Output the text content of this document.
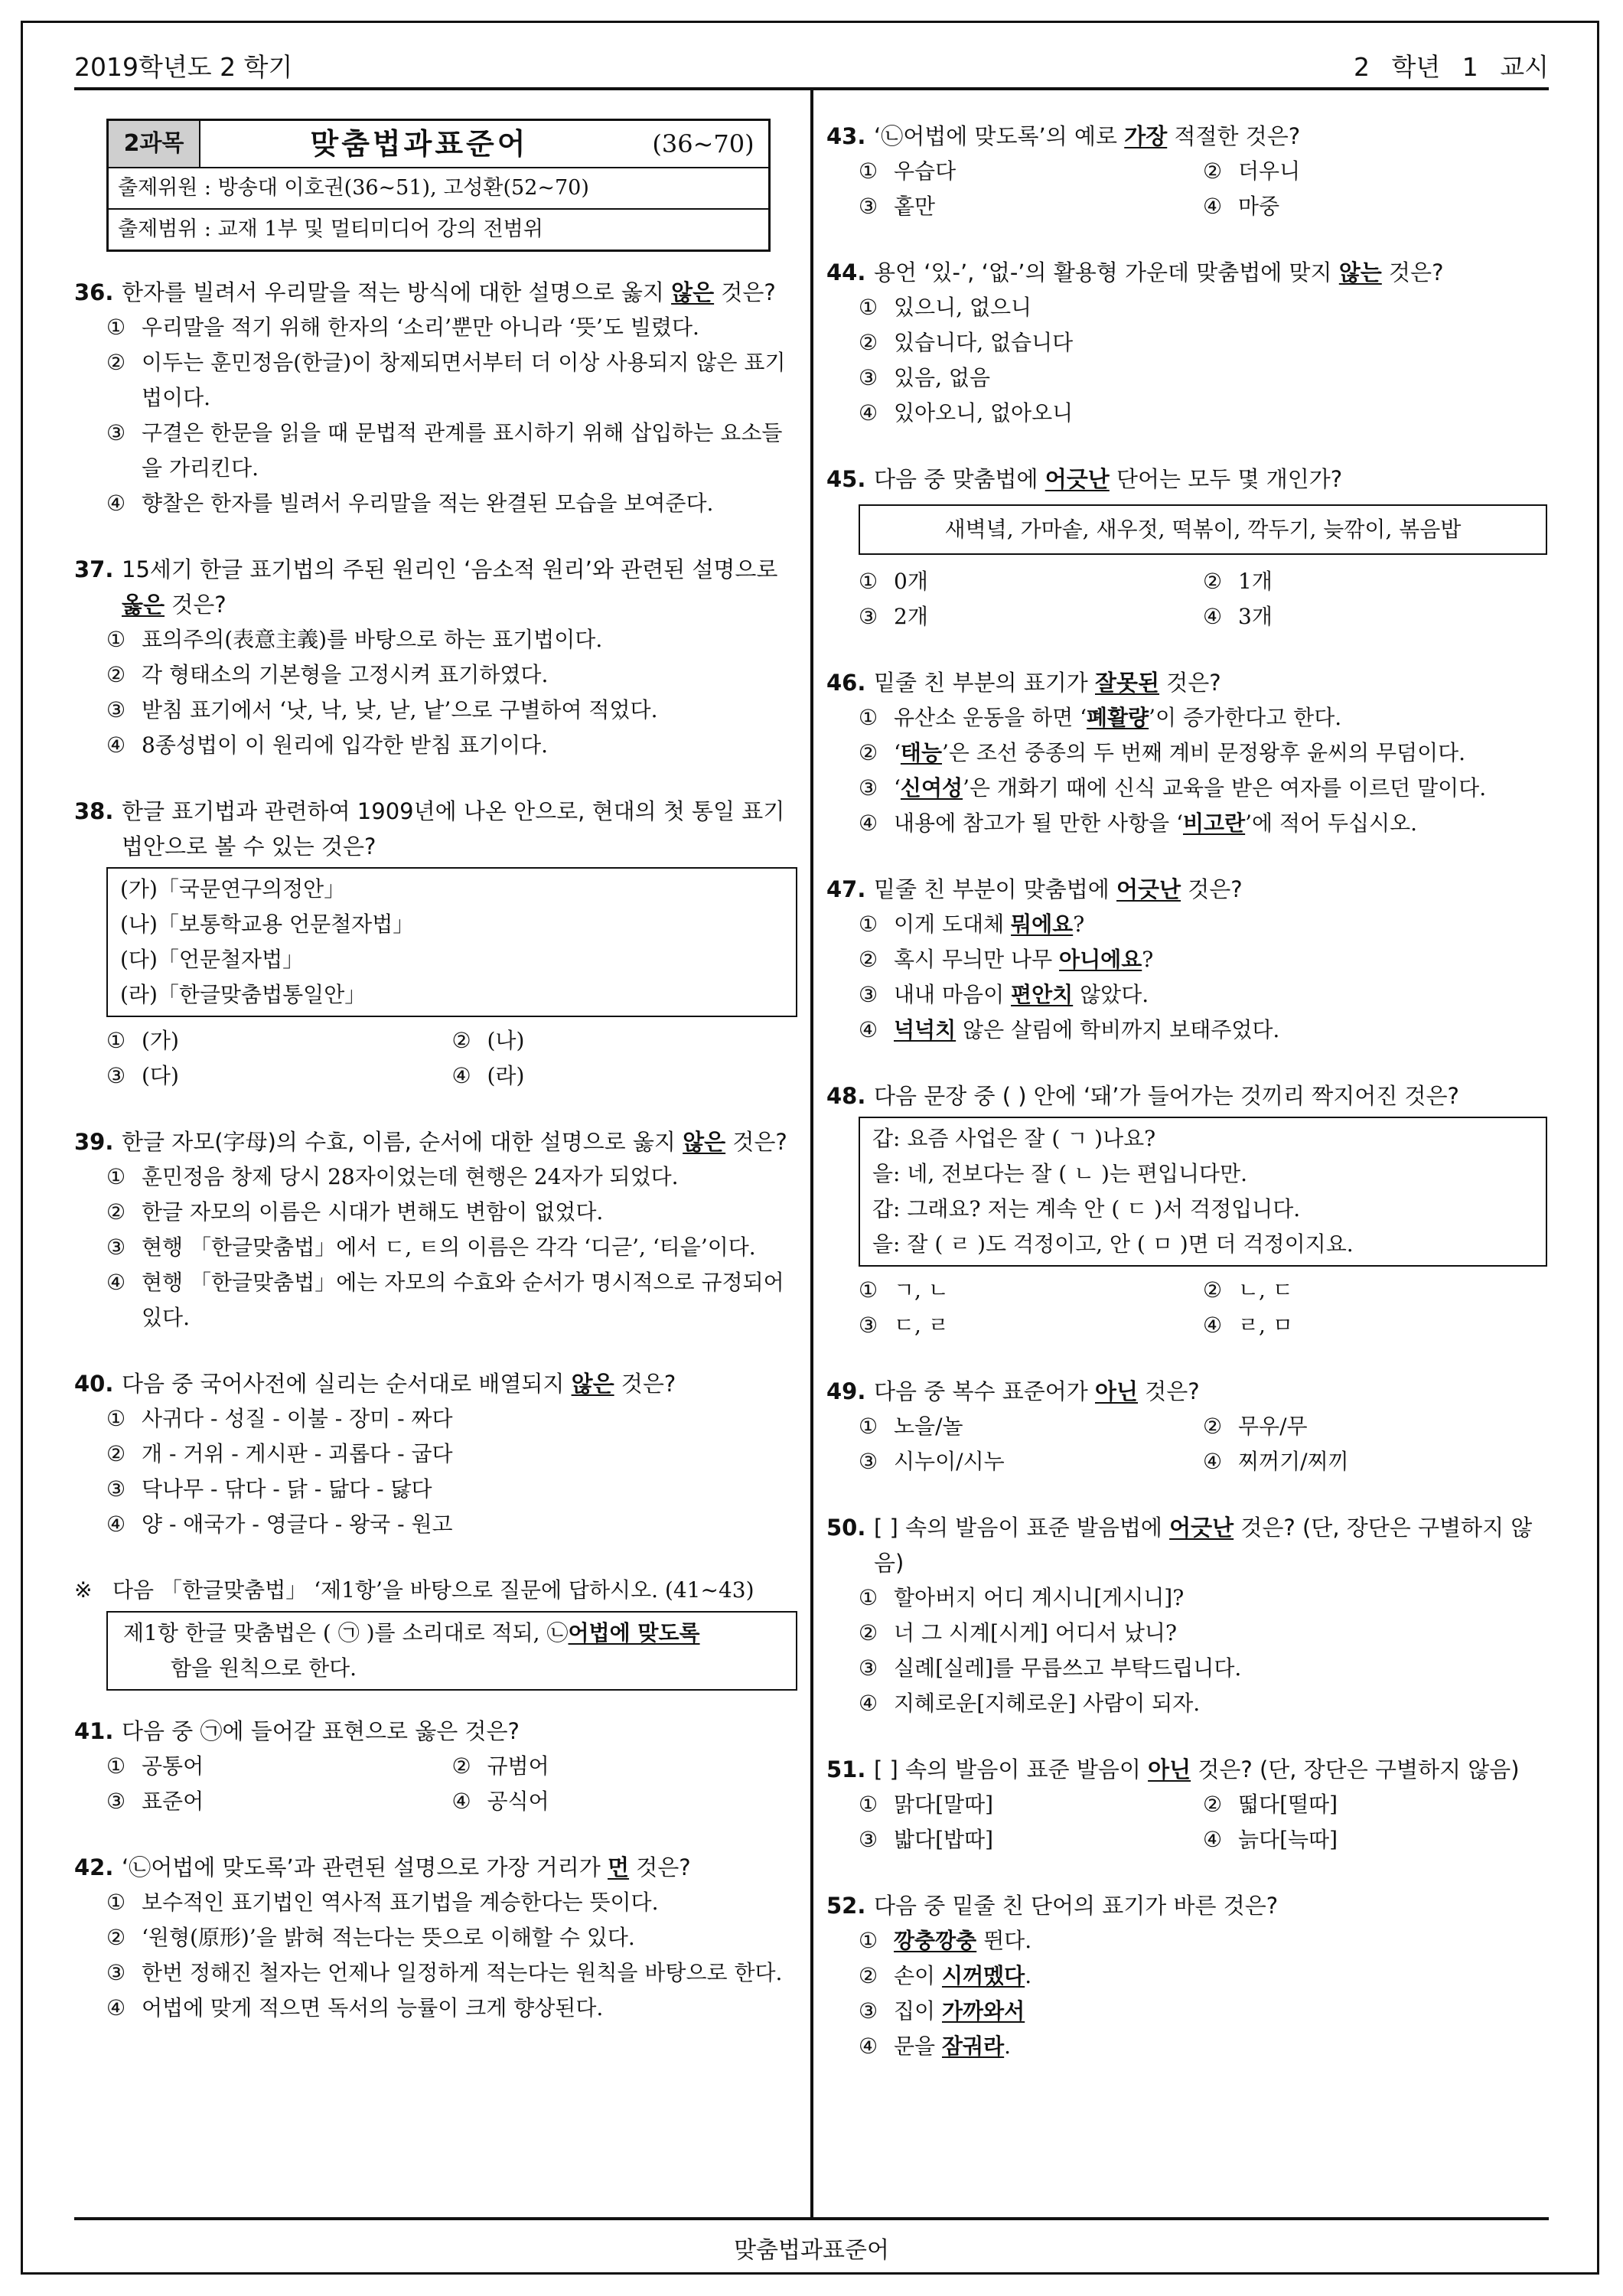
2019학년도 2 학기	2 학년 1 교시
맞춤법과표준어
2과목	맞춤법과표준어	(36~70)
출제위원 : 방송대 이호권(36~51), 고성환(52~70)
출제범위 : 교재 1부 및 멀티미디어 강의 전범위
36. 한자를 빌려서 우리말을 적는 방식에 대한 설명으로 옳지 않은 것은?
① 우리말을 적기 위해 한자의 ‘소리’뿐만 아니라 ‘뜻’도 빌렸다.
② 이두는 훈민정음(한글)이 창제되면서부터 더 이상 사용되지 않은 표기법이다.
③ 구결은 한문을 읽을 때 문법적 관계를 표시하기 위해 삽입하는 요소들을 가리킨다.
④ 향찰은 한자를 빌려서 우리말을 적는 완결된 모습을 보여준다.
37. 15세기 한글 표기법의 주된 원리인 ‘음소적 원리’와 관련된 설명으로 옳은 것은?
① 표의주의(表意主義)를 바탕으로 하는 표기법이다.
② 각 형태소의 기본형을 고정시켜 표기하였다.
③ 받침 표기에서 ‘낫, 낙, 낮, 낟, 낱’으로 구별하여 적었다.
④ 8종성법이 이 원리에 입각한 받침 표기이다.
38. 한글 표기법과 관련하여 1909년에 나온 안으로, 현대의 첫 통일 표기법안으로 볼 수 있는 것은?
(가)「국문연구의정안」
(나)「보통학교용 언문철자법」
(다)「언문철자법」
(라)「한글맞춤법통일안」
① (가)	② (나)
③ (다)	④ (라)
39. 한글 자모(字母)의 수효, 이름, 순서에 대한 설명으로 옳지 않은 것은?
① 훈민정음 창제 당시 28자이었는데 현행은 24자가 되었다.
② 한글 자모의 이름은 시대가 변해도 변함이 없었다.
③ 현행 「한글맞춤법」에서 ㄷ, ㅌ의 이름은 각각 ‘디귿’, ‘티읕’이다.
④ 현행 「한글맞춤법」에는 자모의 수효와 순서가 명시적으로 규정되어 있다.
40. 다음 중 국어사전에 실리는 순서대로 배열되지 않은 것은?
① 사귀다 - 성질 - 이불 - 장미 - 짜다
② 개 - 거위 - 게시판 - 괴롭다 - 굽다
③ 닥나무 - 닦다 - 닭 - 닮다 - 닳다
④ 양 - 애국가 - 영글다 - 왕국 - 원고
※ 다음 「한글맞춤법」 ‘제1항’을 바탕으로 질문에 답하시오. (41~43)
제1항 한글 맞춤법은 ( ㉠ )를 소리대로 적되, ㉡어법에 맞도록
함을 원칙으로 한다.
41. 다음 중 ㉠에 들어갈 표현으로 옳은 것은?
① 공통어	② 규범어
③ 표준어	④ 공식어
42. ‘㉡어법에 맞도록’과 관련된 설명으로 가장 거리가 먼 것은?
① 보수적인 표기법인 역사적 표기법을 계승한다는 뜻이다.
② ‘원형(原形)’을 밝혀 적는다는 뜻으로 이해할 수 있다.
③ 한번 정해진 철자는 언제나 일정하게 적는다는 원칙을 바탕으로 한다.
④ 어법에 맞게 적으면 독서의 능률이 크게 향상된다.
43. ‘㉡어법에 맞도록’의 예로 가장 적절한 것은?
① 우습다	② 더우니
③ 홑만	④ 마중
44. 용언 ‘있-’, ‘없-’의 활용형 가운데 맞춤법에 맞지 않는 것은?
① 있으니, 없으니
② 있습니다, 없습니다
③ 있음, 없음
④ 있아오니, 없아오니
45. 다음 중 맞춤법에 어긋난 단어는 모두 몇 개인가?
새벽녘, 가마솥, 새우젓, 떡볶이, 깍두기, 늦깎이, 볶음밥
① 0개	② 1개
③ 2개	④ 3개
46. 밑줄 친 부분의 표기가 잘못된 것은?
① 유산소 운동을 하면 ‘폐활량’이 증가한다고 한다.
② ‘태능’은 조선 중종의 두 번째 계비 문정왕후 윤씨의 무덤이다.
③ ‘신여성’은 개화기 때에 신식 교육을 받은 여자를 이르던 말이다.
④ 내용에 참고가 될 만한 사항을 ‘비고란’에 적어 두십시오.
47. 밑줄 친 부분이 맞춤법에 어긋난 것은?
① 이게 도대체 뭐에요?
② 혹시 무늬만 나무 아니에요?
③ 내내 마음이 편안치 않았다.
④ 넉넉치 않은 살림에 학비까지 보태주었다.
48. 다음 문장 중 ( ) 안에 ‘돼’가 들어가는 것끼리 짝지어진 것은?
갑: 요즘 사업은 잘 ( ㄱ )나요?
을: 네, 전보다는 잘 ( ㄴ )는 편입니다만.
갑: 그래요? 저는 계속 안 ( ㄷ )서 걱정입니다.
을: 잘 ( ㄹ )도 걱정이고, 안 ( ㅁ )면 더 걱정이지요.
① ㄱ, ㄴ	② ㄴ, ㄷ
③ ㄷ, ㄹ	④ ㄹ, ㅁ
49. 다음 중 복수 표준어가 아닌 것은?
① 노을/놀	② 무우/무
③ 시누이/시누	④ 찌꺼기/찌끼
50. [ ] 속의 발음이 표준 발음법에 어긋난 것은? (단, 장단은 구별하지 않음)
① 할아버지 어디 계시니[게시니]?
② 너 그 시계[시게] 어디서 났니?
③ 실례[실레]를 무릅쓰고 부탁드립니다.
④ 지혜로운[지헤로운] 사람이 되자.
51. [ ] 속의 발음이 표준 발음이 아닌 것은? (단, 장단은 구별하지 않음)
① 맑다[말따]	② 떫다[떨따]
③ 밟다[밥따]	④ 늙다[늑따]
52. 다음 중 밑줄 친 단어의 표기가 바른 것은?
① 깡충깡충 뛴다.
② 손이 시꺼멨다.
③ 집이 가까와서
④ 문을 잠궈라.
